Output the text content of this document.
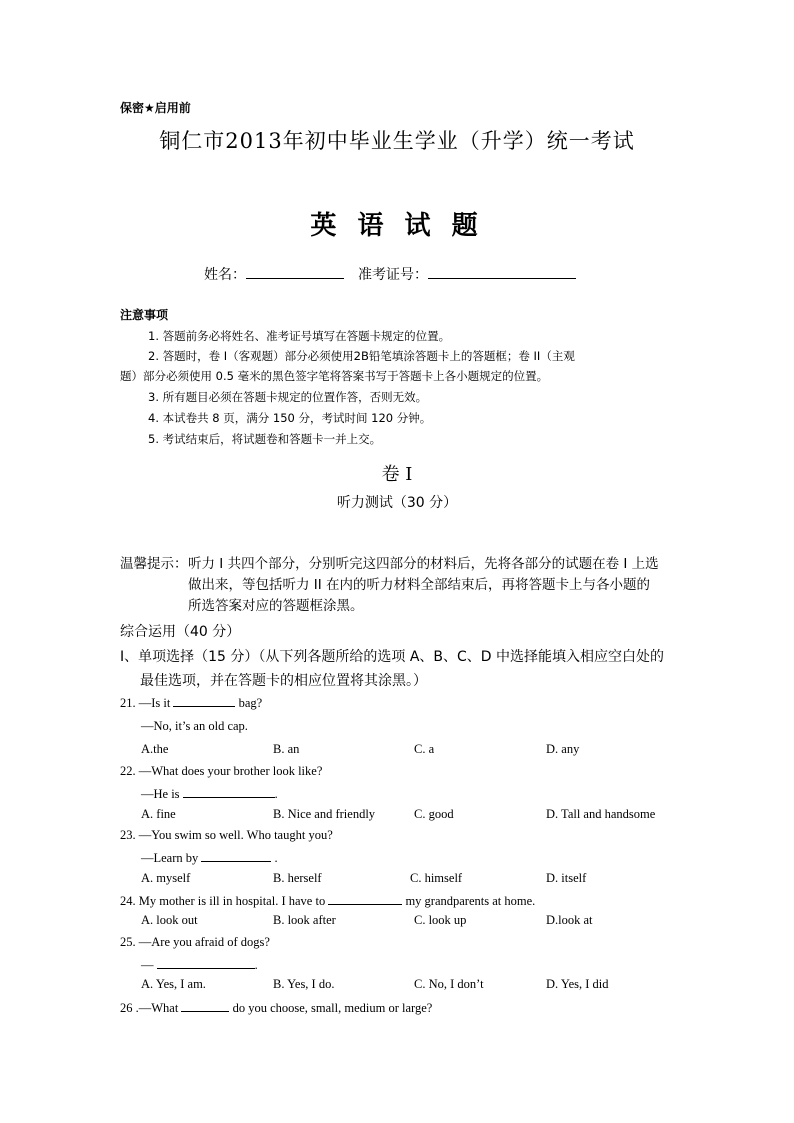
保密★启用前
铜仁市2013年初中毕业生学业（升学）统一考试
英 语 试 题
姓名：	准考证号：
注意事项
1. 答题前务必将姓名、准考证号填写在答题卡规定的位置。
2. 答题时，卷 I（客观题）部分必须使用2B铅笔填涂答题卡上的答题框；卷 II（主观
题）部分必须使用 0.5 毫米的黑色签字笔将答案书写于答题卡上各小题规定的位置。
3. 所有题目必须在答题卡规定的位置作答，否则无效。
4. 本试卷共 8 页，满分 150 分，考试时间 120 分钟。
5. 考试结束后，将试题卷和答题卡一并上交。
卷 I
听力测试（30 分）
温馨提示： 听力 I 共四个部分，分别听完这四部分的材料后，先将各部分的试题在卷 I 上选
做出来，等包括听力 II 在内的听力材料全部结束后，再将答题卡上与各小题的
所选答案对应的答题框涂黑。
综合运用（40 分）
I、单项选择（15 分）（从下列各题所给的选项 A、B、C、D 中选择能填入相应空白处的
最佳选项，并在答题卡的相应位置将其涂黑。）
21. —Is it	bag?
—No, it’s an old cap.
A.the	B. an	C. a	D. any
22. —What does your brother look like?
—He is	.
A. fine	B. Nice and friendly	C. good	D. Tall and handsome
23. —You swim so well. Who taught you?
—Learn by	.
A. myself	B. herself	C. himself	D. itself
24. My mother is ill in hospital. I have to	my grandparents at home.
A. look out	B. look after	C. look up	D.look at
25. —Are you afraid of dogs?
—	.
A. Yes, I am.	B. Yes, I do.	C. No, I don’t	D. Yes, I did
26 .—What	do you choose, small, medium or large?
